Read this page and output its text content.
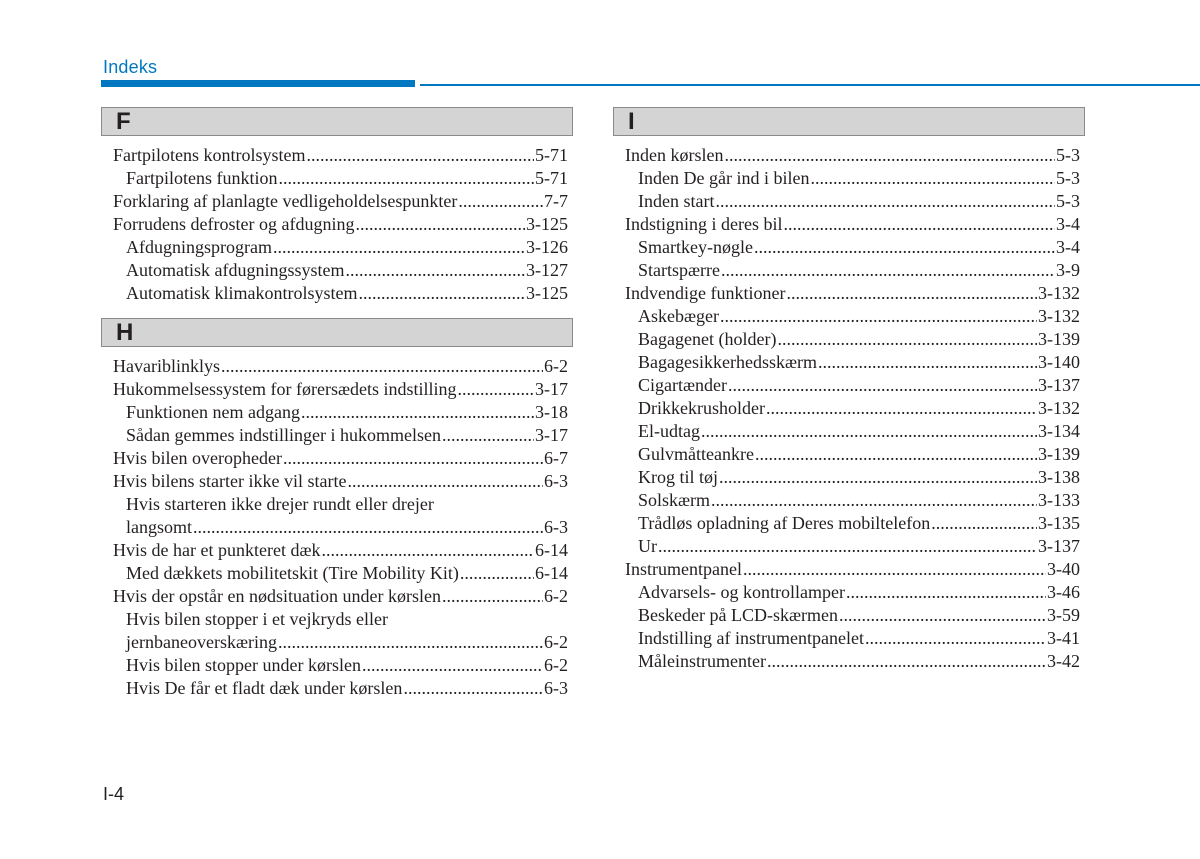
Indeks
F
Fartpilotens kontrolsystem .....	5-71
Fartpilotens funktion .....	5-71
Forklaring af planlagte vedligeholdelsespunkter .....	7-7
Forrudens defroster og afdugning .....	3-125
Afdugningsprogram .....	3-126
Automatisk afdugningssystem .....	3-127
Automatisk klimakontrolsystem .....	3-125
H
Havariblinklys .....	6-2
Hukommelsessystem for førersædets indstilling .....	3-17
Funktionen nem adgang .....	3-18
Sådan gemmes indstillinger i hukommelsen .....	3-17
Hvis bilen overopheder .....	6-7
Hvis bilens starter ikke vil starte .....	6-3
Hvis starteren ikke drejer rundt eller drejer
langsomt .....	6-3
Hvis de har et punkteret dæk .....	6-14
Med dækkets mobilitetskit (Tire Mobility Kit) .....	6-14
Hvis der opstår en nødsituation under kørslen .....	6-2
Hvis bilen stopper i et vejkryds eller
jernbaneoverskæring .....	6-2
Hvis bilen stopper under kørslen .....	6-2
Hvis De får et fladt dæk under kørslen .....	6-3
I
Inden kørslen .....	5-3
Inden De går ind i bilen .....	5-3
Inden start .....	5-3
Indstigning i deres bil .....	3-4
Smartkey-nøgle .....	3-4
Startspærre .....	3-9
Indvendige funktioner .....	3-132
Askebæger .....	3-132
Bagagenet (holder) .....	3-139
Bagagesikkerhedsskærm .....	3-140
Cigartænder .....	3-137
Drikkekrusholder .....	3-132
El-udtag .....	3-134
Gulvmåtteankre .....	3-139
Krog til tøj .....	3-138
Solskærm .....	3-133
Trådløs opladning af Deres mobiltelefon .....	3-135
Ur .....	3-137
Instrumentpanel .....	3-40
Advarsels- og kontrollamper .....	3-46
Beskeder på LCD-skærmen .....	3-59
Indstilling af instrumentpanelet .....	3-41
Måleinstrumenter .....	3-42
I-4
